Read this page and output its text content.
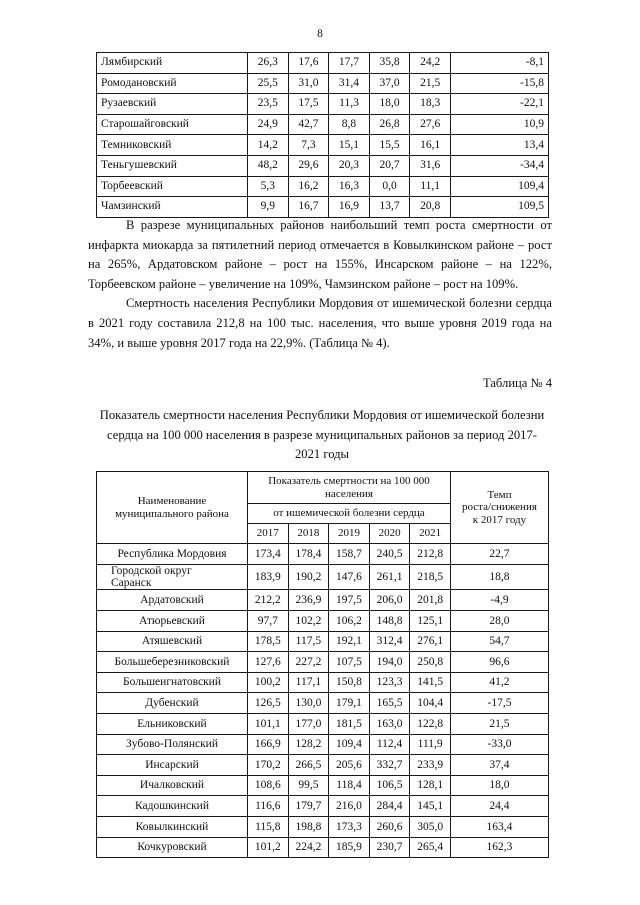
8
Лямбирский	26,3	17,6	17,7	35,8	24,2	-8,1
Ромодановский	25,5	31,0	31,4	37,0	21,5	-15,8
Рузаевский	23,5	17,5	11,3	18,0	18,3	-22,1
Старошайговский	24,9	42,7	8,8	26,8	27,6	10,9
Темниковский	14,2	7,3	15,1	15,5	16,1	13,4
Теньгушевский	48,2	29,6	20,3	20,7	31,6	-34,4
Торбеевский	5,3	16,2	16,3	0,0	11,1	109,4
Чамзинский	9,9	16,7	16,9	13,7	20,8	109,5

В разрезе муниципальных районов наибольший темп роста смертности от инфаркта миокарда за пятилетний период отмечается в Ковылкинском районе – рост на 265%, Ардатовском районе – рост на 155%, Инсарском районе – на 122%, Торбеевском районе – увеличение на 109%, Чамзинском районе – рост на 109%.

Смертность населения Республики Мордовия от ишемической болезни сердца в 2021 году составила 212,8 на 100 тыс. населения, что выше уровня 2019 года на 34%, и выше уровня 2017 года на 22,9%. (Таблица № 4).

Таблица № 4
Показатель смертности населения Республики Мордовия от ишемической болезни сердца на 100 000 населения в разрезе муниципальных районов за период 2017-2021 годы
Наименование
муниципального района	Показатель смертности на 100 000 населения					Темп
роста/снижения
к 2017 году
	от ишемической болезни сердца					
	2017	2018	2019	2020	2021	
Республика Мордовия	173,4	178,4	158,7	240,5	212,8	22,7
Городской округ
Саранск	183,9	190,2	147,6	261,1	218,5	18,8
Ардатовский	212,2	236,9	197,5	206,0	201,8	-4,9
Атюрьевский	97,7	102,2	106,2	148,8	125,1	28,0
Атяшевский	178,5	117,5	192,1	312,4	276,1	54,7
Большеберезниковский	127,6	227,2	107,5	194,0	250,8	96,6
Большеигнатовский	100,2	117,1	150,8	123,3	141,5	41,2
Дубенский	126,5	130,0	179,1	165,5	104,4	-17,5
Ельниковский	101,1	177,0	181,5	163,0	122,8	21,5
Зубово-Полянский	166,9	128,2	109,4	112,4	111,9	-33,0
Инсарский	170,2	266,5	205,6	332,7	233,9	37,4
Ичалковский	108,6	99,5	118,4	106,5	128,1	18,0
Кадошкинский	116,6	179,7	216,0	284,4	145,1	24,4
Ковылкинский	115,8	198,8	173,3	260,6	305,0	163,4
Кочкуровский	101,2	224,2	185,9	230,7	265,4	162,3
